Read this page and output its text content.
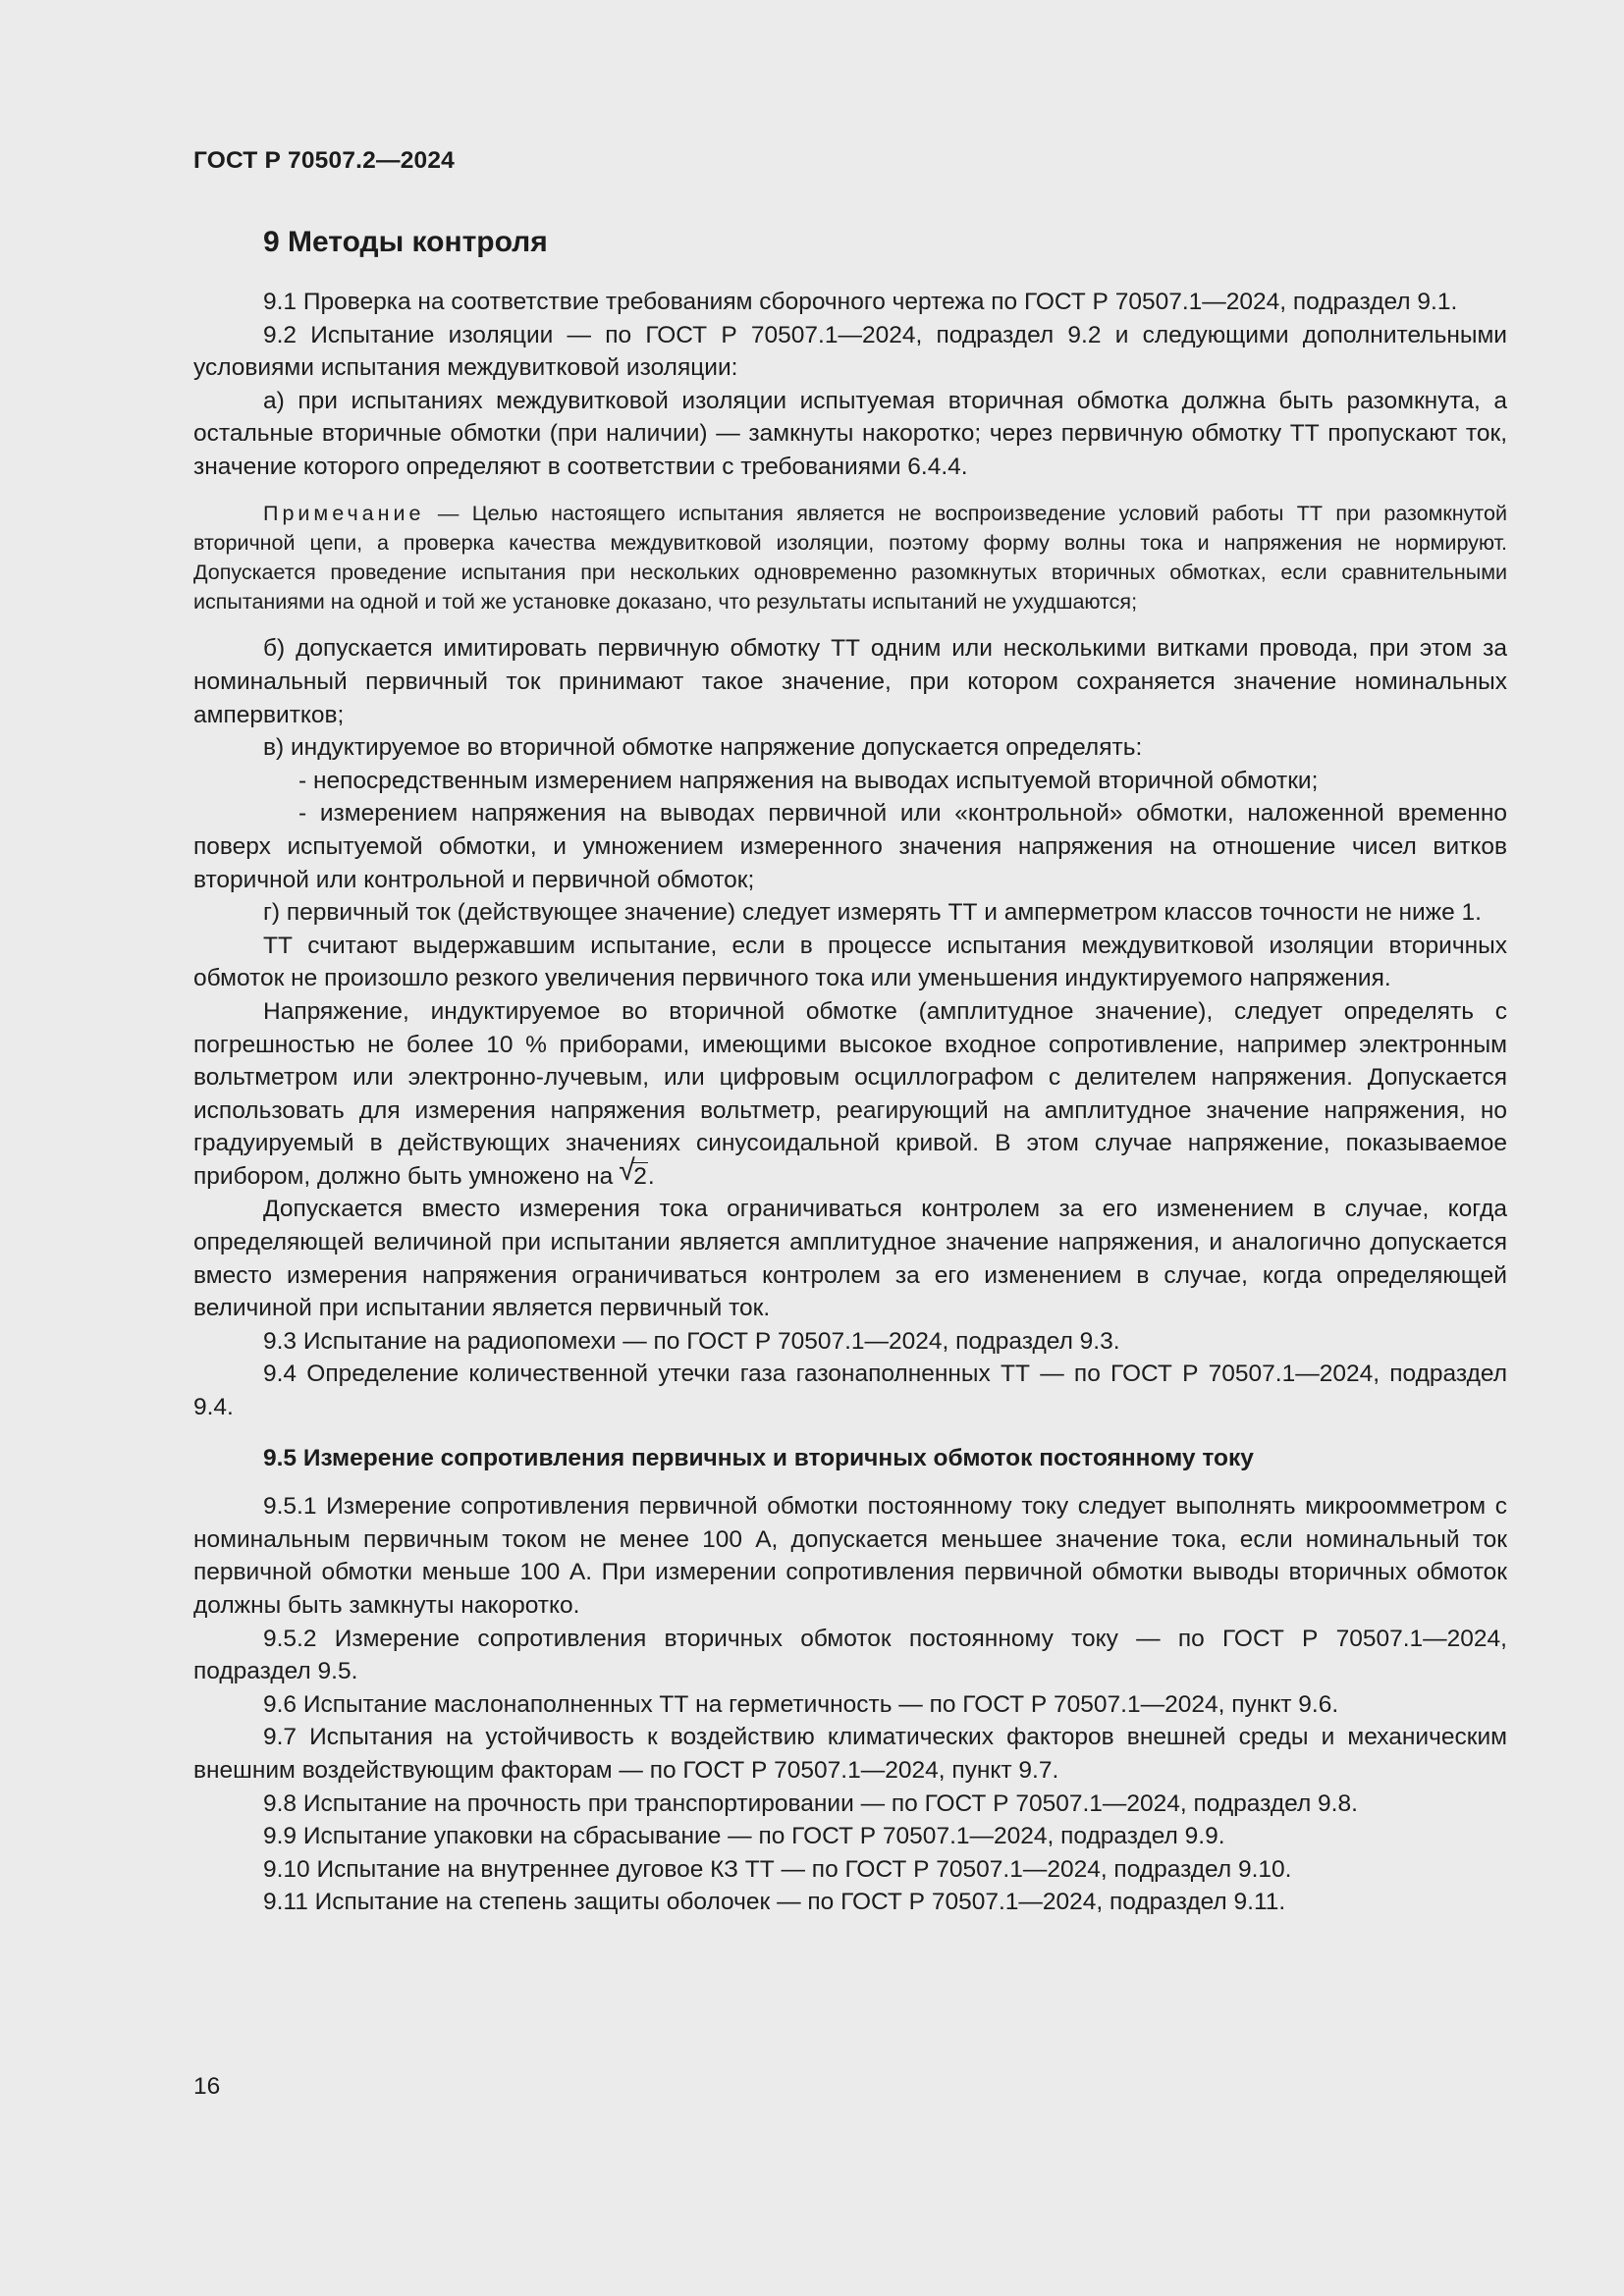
ГОСТ Р 70507.2—2024
9 Методы контроля

9.1 Проверка на соответствие требованиям сборочного чертежа по ГОСТ Р 70507.1—2024, подраздел 9.1.

9.2 Испытание изоляции — по ГОСТ Р 70507.1—2024, подраздел 9.2 и следующими дополнительными условиями испытания междувитковой изоляции:

а) при испытаниях междувитковой изоляции испытуемая вторичная обмотка должна быть разомкнута, а остальные вторичные обмотки (при наличии) — замкнуты накоротко; через первичную обмотку ТТ пропускают ток, значение которого определяют в соответствии с требованиями 6.4.4.

Примечание — Целью настоящего испытания является не воспроизведение условий работы ТТ при разомкнутой вторичной цепи, а проверка качества междувитковой изоляции, поэтому форму волны тока и напряжения не нормируют. Допускается проведение испытания при нескольких одновременно разомкнутых вторичных обмотках, если сравнительными испытаниями на одной и той же установке доказано, что результаты испытаний не ухудшаются;

б) допускается имитировать первичную обмотку ТТ одним или несколькими витками провода, при этом за номинальный первичный ток принимают такое значение, при котором сохраняется значение номинальных ампервитков;

в) индуктируемое во вторичной обмотке напряжение допускается определять:

- непосредственным измерением напряжения на выводах испытуемой вторичной обмотки;

- измерением напряжения на выводах первичной или «контрольной» обмотки, наложенной временно поверх испытуемой обмотки, и умножением измеренного значения напряжения на отношение чисел витков вторичной или контрольной и первичной обмоток;

г) первичный ток (действующее значение) следует измерять ТТ и амперметром классов точности не ниже 1.

ТТ считают выдержавшим испытание, если в процессе испытания междувитковой изоляции вторичных обмоток не произошло резкого увеличения первичного тока или уменьшения индуктируемого напряжения.

Напряжение, индуктируемое во вторичной обмотке (амплитудное значение), следует определять с погрешностью не более 10 % приборами, имеющими высокое входное сопротивление, например электронным вольтметром или электронно-лучевым, или цифровым осциллографом с делителем напряжения. Допускается использовать для измерения напряжения вольтметр, реагирующий на амплитудное значение напряжения, но градуируемый в действующих значениях синусоидальной кривой. В этом случае напряжение, показываемое прибором, должно быть умножено на √
2.

Допускается вместо измерения тока ограничиваться контролем за его изменением в случае, когда определяющей величиной при испытании является амплитудное значение напряжения, и аналогично допускается вместо измерения напряжения ограничиваться контролем за его изменением в случае, когда определяющей величиной при испытании является первичный ток.

9.3 Испытание на радиопомехи — по ГОСТ Р 70507.1—2024, подраздел 9.3.

9.4 Определение количественной утечки газа газонаполненных ТТ — по ГОСТ Р 70507.1—2024, подраздел 9.4.

9.5 Измерение сопротивления первичных и вторичных обмоток постоянному току

9.5.1 Измерение сопротивления первичной обмотки постоянному току следует выполнять микроомметром с номинальным первичным током не менее 100 А, допускается меньшее значение тока, если номинальный ток первичной обмотки меньше 100 А. При измерении сопротивления первичной обмотки выводы вторичных обмоток должны быть замкнуты накоротко.

9.5.2 Измерение сопротивления вторичных обмоток постоянному току — по ГОСТ Р 70507.1—2024, подраздел 9.5.

9.6 Испытание маслонаполненных ТТ на герметичность — по ГОСТ Р 70507.1—2024, пункт 9.6.

9.7 Испытания на устойчивость к воздействию климатических факторов внешней среды и механическим внешним воздействующим факторам — по ГОСТ Р 70507.1—2024, пункт 9.7.

9.8 Испытание на прочность при транспортировании — по ГОСТ Р 70507.1—2024, подраздел 9.8.

9.9 Испытание упаковки на сбрасывание — по ГОСТ Р 70507.1—2024, подраздел 9.9.

9.10 Испытание на внутреннее дуговое КЗ ТТ — по ГОСТ Р 70507.1—2024, подраздел 9.10.

9.11 Испытание на степень защиты оболочек — по ГОСТ Р 70507.1—2024, подраздел 9.11.

16
